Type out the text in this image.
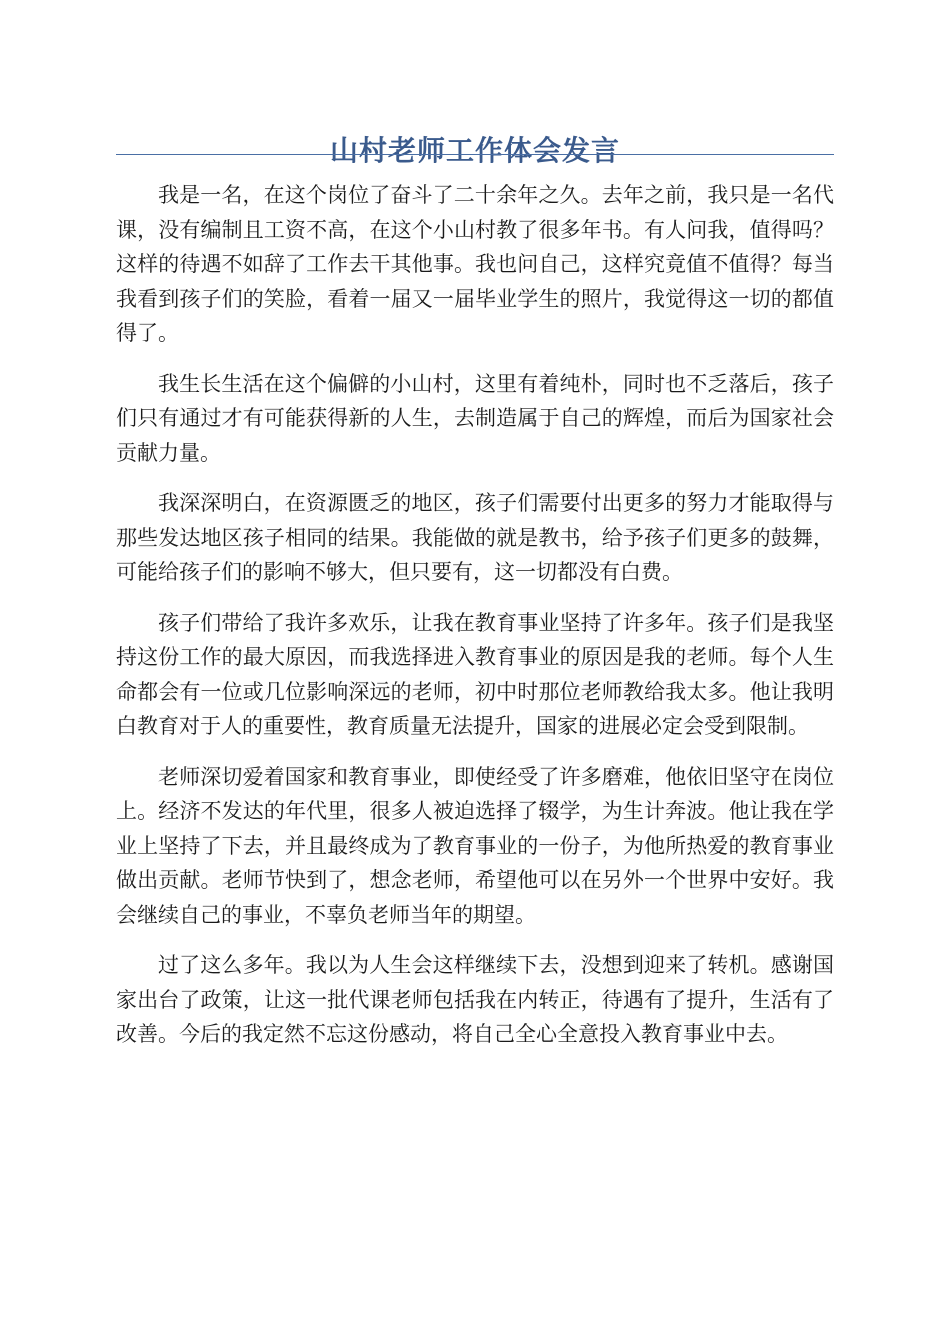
山村老师工作体会发言

我是一名，在这个岗位了奋斗了二十余年之久。去年之前，我只是一名代课，没有编制且工资不高，在这个小山村教了很多年书。有人问我，值得吗？这样的待遇不如辞了工作去干其他事。我也问自己，这样究竟值不值得？每当我看到孩子们的笑脸，看着一届又一届毕业学生的照片，我觉得这一切的都值得了。

我生长生活在这个偏僻的小山村，这里有着纯朴，同时也不乏落后，孩子们只有通过才有可能获得新的人生，去制造属于自己的辉煌，而后为国家社会贡献力量。

我深深明白，在资源匮乏的地区，孩子们需要付出更多的努力才能取得与那些发达地区孩子相同的结果。我能做的就是教书，给予孩子们更多的鼓舞，可能给孩子们的影响不够大，但只要有，这一切都没有白费。

孩子们带给了我许多欢乐，让我在教育事业坚持了许多年。孩子们是我坚持这份工作的最大原因，而我选择进入教育事业的原因是我的老师。每个人生命都会有一位或几位影响深远的老师，初中时那位老师教给我太多。他让我明白教育对于人的重要性，教育质量无法提升，国家的进展必定会受到限制。

老师深切爱着国家和教育事业，即使经受了许多磨难，他依旧坚守在岗位上。经济不发达的年代里，很多人被迫选择了辍学，为生计奔波。他让我在学业上坚持了下去，并且最终成为了教育事业的一份子，为他所热爱的教育事业做出贡献。老师节快到了，想念老师，希望他可以在另外一个世界中安好。我会继续自己的事业，不辜负老师当年的期望。

过了这么多年。我以为人生会这样继续下去，没想到迎来了转机。感谢国家出台了政策，让这一批代课老师包括我在内转正，待遇有了提升，生活有了改善。今后的我定然不忘这份感动，将自己全心全意投入教育事业中去。
